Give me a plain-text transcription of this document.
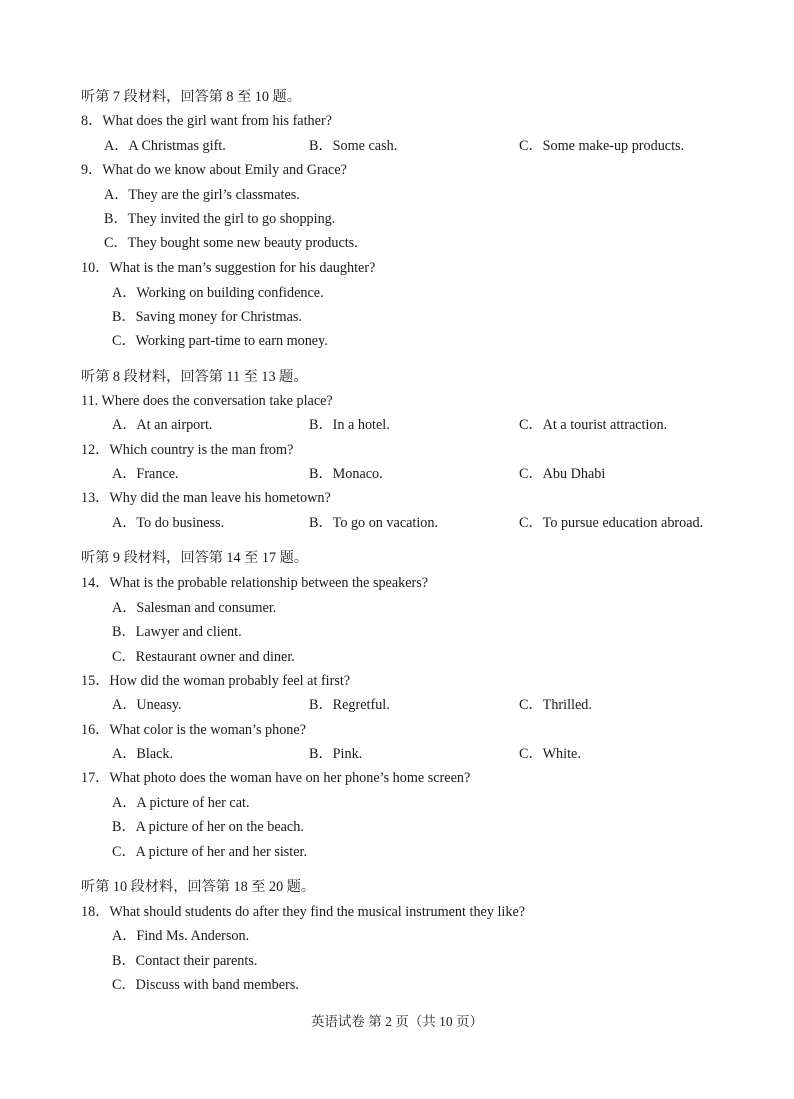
听第 7 段材料，回答第 8 至 10 题。
8．What does the girl want from his father?
A．A Christmas gift.	B．Some cash.	C．Some make-up products.
9．What do we know about Emily and Grace?
A．They are the girl’s classmates.
B．They invited the girl to go shopping.
C．They bought some new beauty products.
10．What is the man’s suggestion for his daughter?
A．Working on building confidence.
B．Saving money for Christmas.
C．Working part-time to earn money.
听第 8 段材料，回答第 11 至 13 题。
11. Where does the conversation take place?
A．At an airport.	B．In a hotel.	C．At a tourist attraction.
12．Which country is the man from?
A．France.	B．Monaco.	C．Abu Dhabi
13．Why did the man leave his hometown?
A．To do business.	B．To go on vacation.	C．To pursue education abroad.
听第 9 段材料，回答第 14 至 17 题。
14．What is the probable relationship between the speakers?
A．Salesman and consumer.
B．Lawyer and client.
C．Restaurant owner and diner.
15．How did the woman probably feel at first?
A．Uneasy.	B．Regretful.	C．Thrilled.
16．What color is the woman’s phone?
A．Black.	B．Pink.	C．White.
17．What photo does the woman have on her phone’s home screen?
A．A picture of her cat.
B．A picture of her on the beach.
C．A picture of her and her sister.
听第 10 段材料，回答第 18 至 20 题。
18．What should students do after they find the musical instrument they like?
A．Find Ms. Anderson.
B．Contact their parents.
C．Discuss with band members.
英语试卷 第 2 页（共 10 页）
